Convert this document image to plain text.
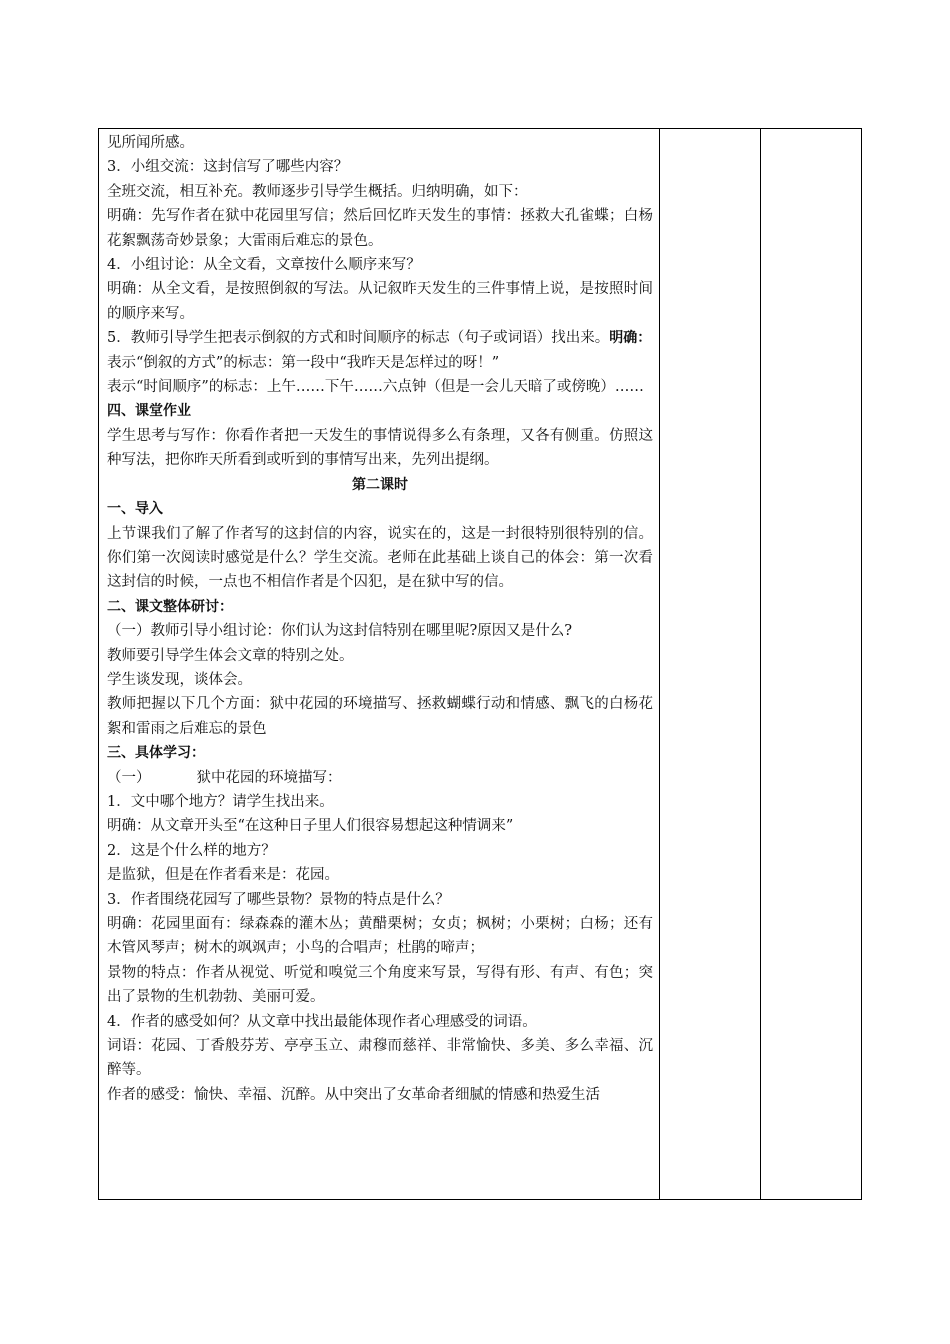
见所闻所感。

3．小组交流：这封信写了哪些内容？

全班交流，相互补充。教师逐步引导学生概括。归纳明确，如下：

明确：先写作者在狱中花园里写信；然后回忆昨天发生的事情：拯救大孔雀蝶；白杨花絮飘荡奇妙景象；大雷雨后难忘的景色。

4．小组讨论：从全文看，文章按什么顺序来写？

明确：从全文看，是按照倒叙的写法。从记叙昨天发生的三件事情上说，是按照时间的顺序来写。

5．教师引导学生把表示倒叙的方式和时间顺序的标志（句子或词语）找出来。明确：

表示“倒叙的方式”的标志：第一段中“我昨天是怎样过的呀！”

表示“时间顺序”的标志：上午……下午……六点钟（但是一会儿天暗了或傍晚）……

四、课堂作业

学生思考与写作：你看作者把一天发生的事情说得多么有条理，又各有侧重。仿照这种写法，把你昨天所看到或听到的事情写出来，先列出提纲。

第二课时

一、导入

上节课我们了解了作者写的这封信的内容，说实在的，这是一封很特别很特别的信。你们第一次阅读时感觉是什么？学生交流。老师在此基础上谈自己的体会：第一次看这封信的时候，一点也不相信作者是个囚犯，是在狱中写的信。

二、课文整体研讨：

（一）教师引导小组讨论：你们认为这封信特别在哪里呢?原因又是什么?

教师要引导学生体会文章的特别之处。

学生谈发现，谈体会。

教师把握以下几个方面：狱中花园的环境描写、拯救蝴蝶行动和情感、飘飞的白杨花絮和雷雨之后难忘的景色

三、具体学习：

（一）	狱中花园的环境描写：

1．文中哪个地方？请学生找出来。

明确：从文章开头至“在这种日子里人们很容易想起这种情调来”

2．这是个什么样的地方？

是监狱，但是在作者看来是：花园。

3．作者围绕花园写了哪些景物？景物的特点是什么？

明确：花园里面有：绿森森的灌木丛；黄醋栗树；女贞；枫树；小栗树；白杨；还有木管风琴声；树木的飒飒声；小鸟的合唱声；杜鹃的啼声；

景物的特点：作者从视觉、听觉和嗅觉三个角度来写景，写得有形、有声、有色；突出了景物的生机勃勃、美丽可爱。

4．作者的感受如何？从文章中找出最能体现作者心理感受的词语。

词语：花园、丁香般芬芳、亭亭玉立、肃穆而慈祥、非常愉快、多美、多么幸福、沉醉等。

作者的感受：愉快、幸福、沉醉。从中突出了女革命者细腻的情感和热爱生活
